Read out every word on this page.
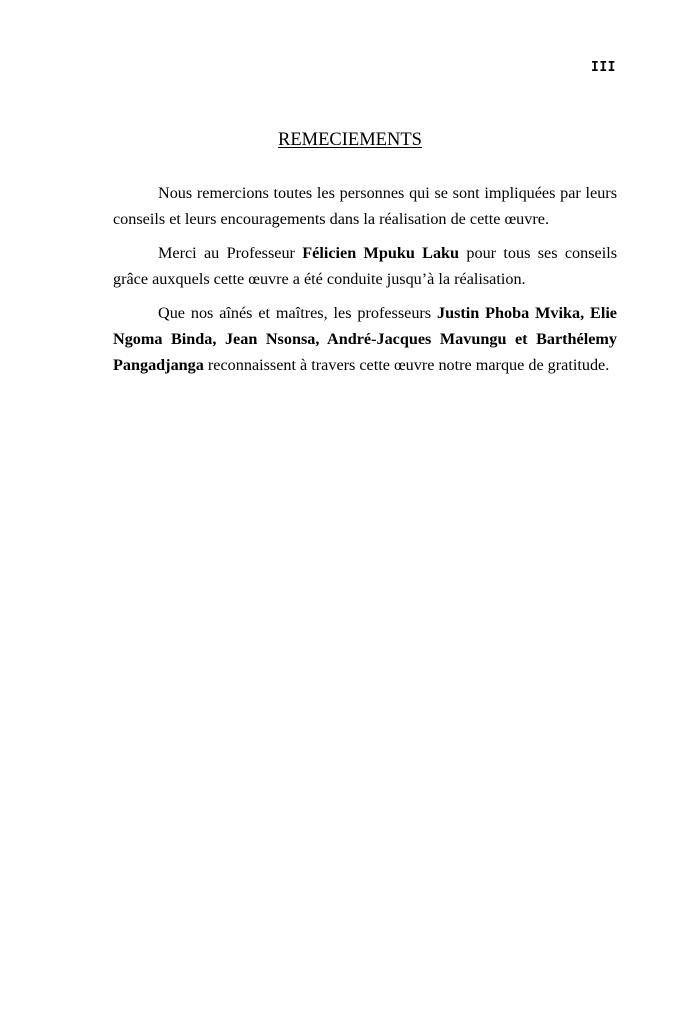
III
REMECIEMENTS

Nous remercions toutes les personnes qui se sont impliquées par leurs conseils et leurs encouragements dans la réalisation de cette œuvre.

Merci au Professeur Félicien Mpuku Laku pour tous ses conseils grâce auxquels cette œuvre a été conduite jusqu’à la réalisation.

Que nos aînés et maîtres, les professeurs Justin Phoba Mvika, Elie Ngoma Binda, Jean Nsonsa, André-Jacques Mavungu et Barthélemy Pangadjanga reconnaissent à travers cette œuvre notre marque de gratitude.
